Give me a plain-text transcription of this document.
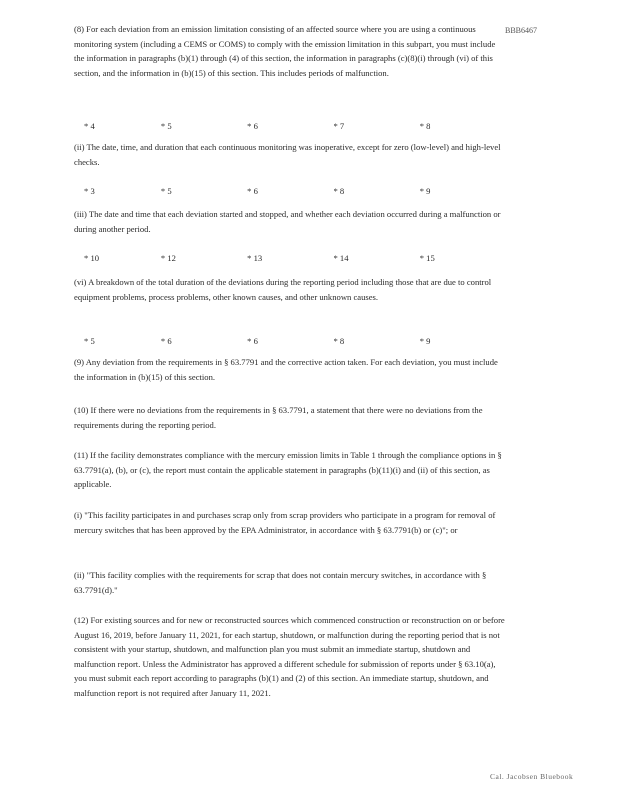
BBB6467

(8) For each deviation from an emission limitation consisting of an affected source where you are using a continuous monitoring system (including a CEMS or COMS) to comply with the emission limitation in this subpart, you must include the information in paragraphs (b)(1) through (4) of this section, the information in paragraphs (c)(8)(i) through (vi) of this section, and the information in (b)(15) of this section. This includes periods of malfunction.

* 4	* 5	* 6	* 7	* 8

(ii) The date, time, and duration that each continuous monitoring was inoperative, except for zero (low-level) and high-level checks.

* 3	* 5	* 6	* 8	* 9

(iii) The date and time that each deviation started and stopped, and whether each deviation occurred during a malfunction or during another period.

* 10	* 12	* 13	* 14	* 15

(vi) A breakdown of the total duration of the deviations during the reporting period including those that are due to control equipment problems, process problems, other known causes, and other unknown causes.

* 5	* 6	* 6	* 8	* 9

(9) Any deviation from the requirements in § 63.7791 and the corrective action taken. For each deviation, you must include the information in (b)(15) of this section.

(10) If there were no deviations from the requirements in § 63.7791, a statement that there were no deviations from the requirements during the reporting period.

(11) If the facility demonstrates compliance with the mercury emission limits in Table 1 through the compliance options in § 63.7791(a), (b), or (c), the report must contain the applicable statement in paragraphs (b)(11)(i) and (ii) of this section, as applicable.

(i) "This facility participates in and purchases scrap only from scrap providers who participate in a program for removal of mercury switches that has been approved by the EPA Administrator, in accordance with § 63.7791(b) or (c)"; or

(ii) "This facility complies with the requirements for scrap that does not contain mercury switches, in accordance with § 63.7791(d)."

(12) For existing sources and for new or reconstructed sources which commenced construction or reconstruction on or before August 16, 2019, before January 11, 2021, for each startup, shutdown, or malfunction during the reporting period that is not consistent with your startup, shutdown, and malfunction plan you must submit an immediate startup, shutdown and malfunction report. Unless the Administrator has approved a different schedule for submission of reports under § 63.10(a), you must submit each report according to paragraphs (b)(1) and (2) of this section. An immediate startup, shutdown, and malfunction report is not required after January 11, 2021.

Cal. Jacobsen Bluebook
